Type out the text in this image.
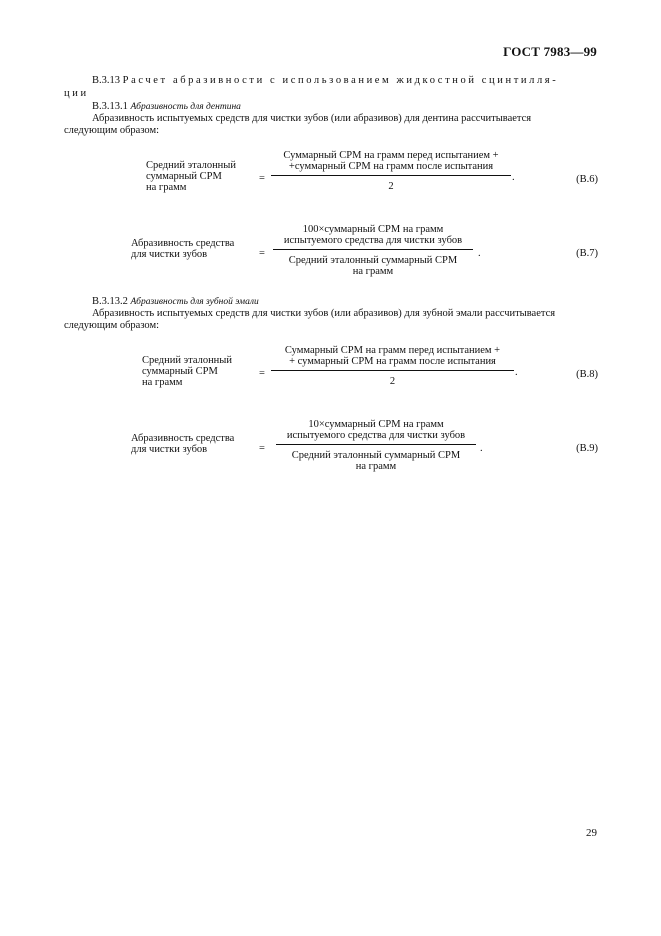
ГОСТ 7983—99
В.3.13 Расчет абразивности с использованием жидкостной сцинтилля-
ции
В.3.13.1 Абразивность для дентина
Абразивность испытуемых средств для чистки зубов (или абразивов) для дентина рассчитывается
следующим образом:
Средний эталонный
суммарный СРМ
на грамм
=
Суммарный СРМ на грамм перед испытанием +
+суммарный СРМ на грамм после испытания
2
.	(В.6)
Абразивность средства
для чистки зубов	=
100×суммарный СРМ на грамм
испытуемого средства для чистки зубов
Средний эталонный суммарный СРМ
на грамм
.	(В.7)
В.3.13.2 Абразивность для зубной эмали
Абразивность испытуемых средств для чистки зубов (или абразивов) для зубной эмали рассчитывается
следующим образом:
Средний эталонный
суммарный СРМ
на грамм
=
Суммарный СРМ на грамм перед испытанием +
+ суммарный СРМ на грамм после испытания
2
.	(В.8)
Абразивность средства
для чистки зубов	=
10×суммарный СРМ на грамм
испытуемого средства для чистки зубов
Средний эталонный суммарный СРМ
на грамм
.	(В.9)
29
